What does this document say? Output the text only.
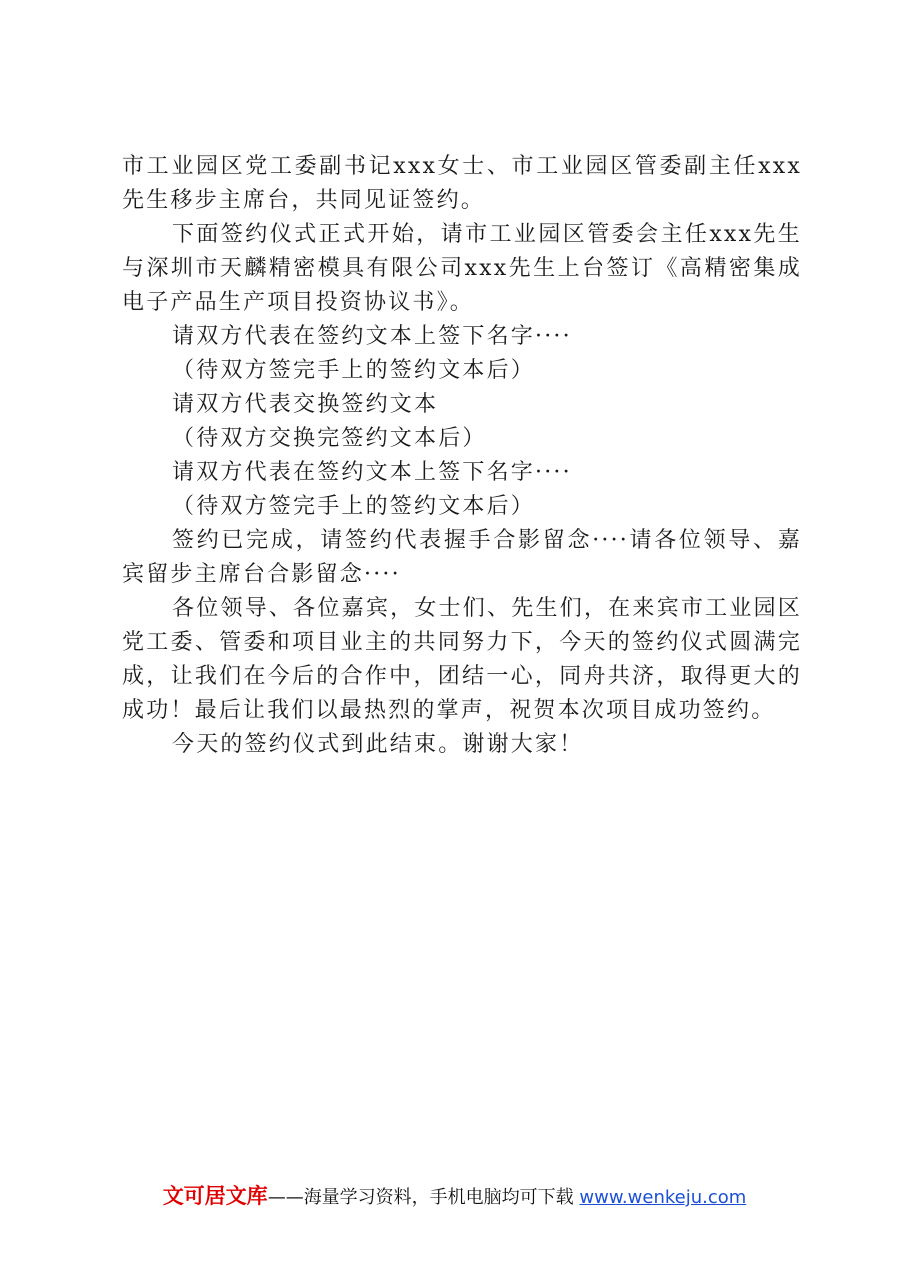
市工业园区党工委副书记xxx女士、市工业园区管委副主任xxx先生移步主席台，共同见证签约。

下面签约仪式正式开始，请市工业园区管委会主任xxx先生与深圳市天麟精密模具有限公司xxx先生上台签订《高精密集成电子产品生产项目投资协议书》。

请双方代表在签约文本上签下名字····

（待双方签完手上的签约文本后）

请双方代表交换签约文本

（待双方交换完签约文本后）

请双方代表在签约文本上签下名字····

（待双方签完手上的签约文本后）

签约已完成，请签约代表握手合影留念····请各位领导、嘉宾留步主席台合影留念····

各位领导、各位嘉宾，女士们、先生们，在来宾市工业园区党工委、管委和项目业主的共同努力下，今天的签约仪式圆满完成，让我们在今后的合作中，团结一心，同舟共济，取得更大的成功！最后让我们以最热烈的掌声，祝贺本次项目成功签约。

今天的签约仪式到此结束。谢谢大家！

文可居文库——海量学习资料，手机电脑均可下载 www.wenkeju.com
